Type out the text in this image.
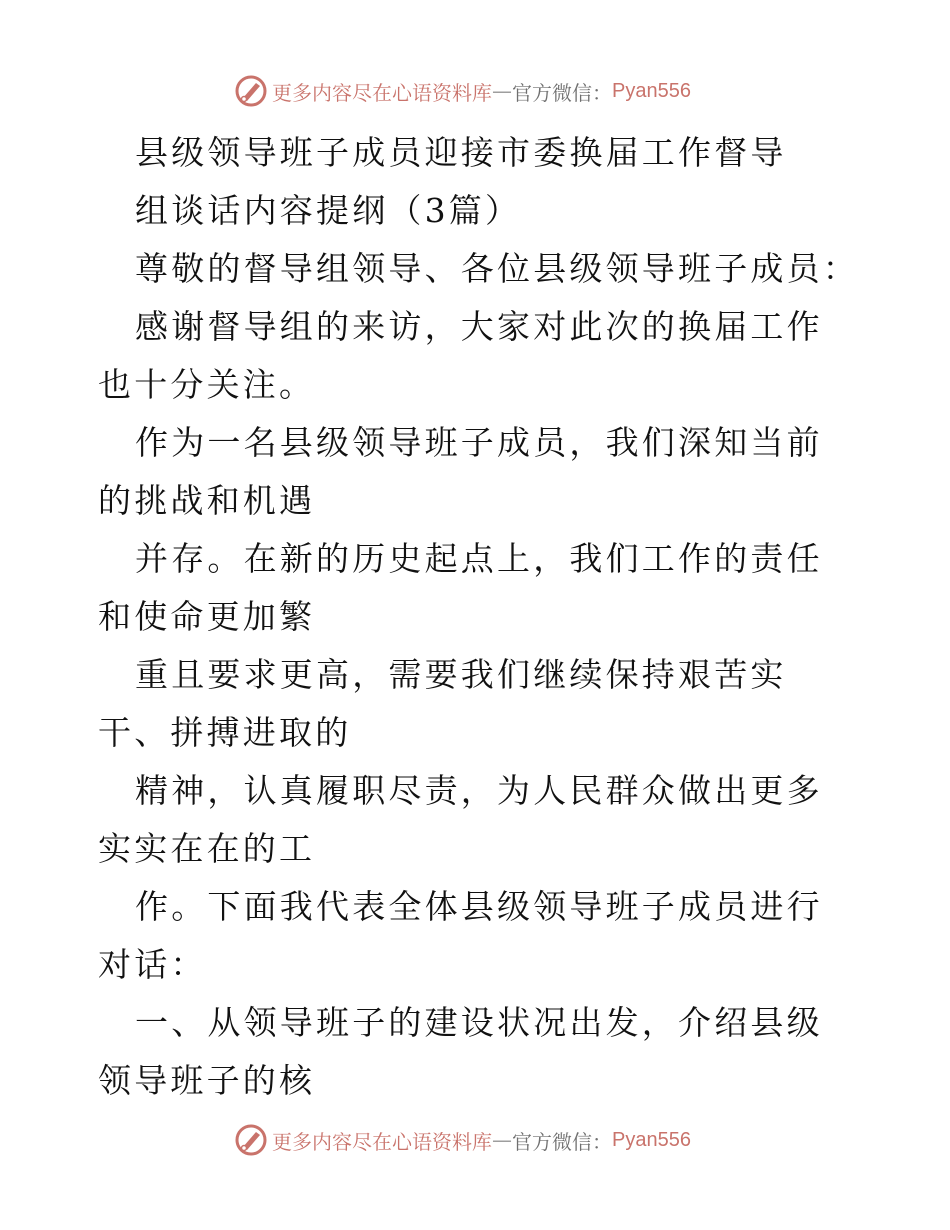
更多内容尽在心语资料库 — 官方微信： Pyan556

县级领导班子成员迎接市委换届工作督导

组谈话内容提纲（3篇）

尊敬的督导组领导、各位县级领导班子成员：

感谢督导组的来访，大家对此次的换届工作也十分关注。

作为一名县级领导班子成员，我们深知当前的挑战和机遇

并存。在新的历史起点上，我们工作的责任和使命更加繁

重且要求更高，需要我们继续保持艰苦实干、拼搏进取的

精神，认真履职尽责，为人民群众做出更多实实在在的工

作。下面我代表全体县级领导班子成员进行对话：

一、从领导班子的建设状况出发，介绍县级领导班子的核

更多内容尽在心语资料库 — 官方微信： Pyan556
